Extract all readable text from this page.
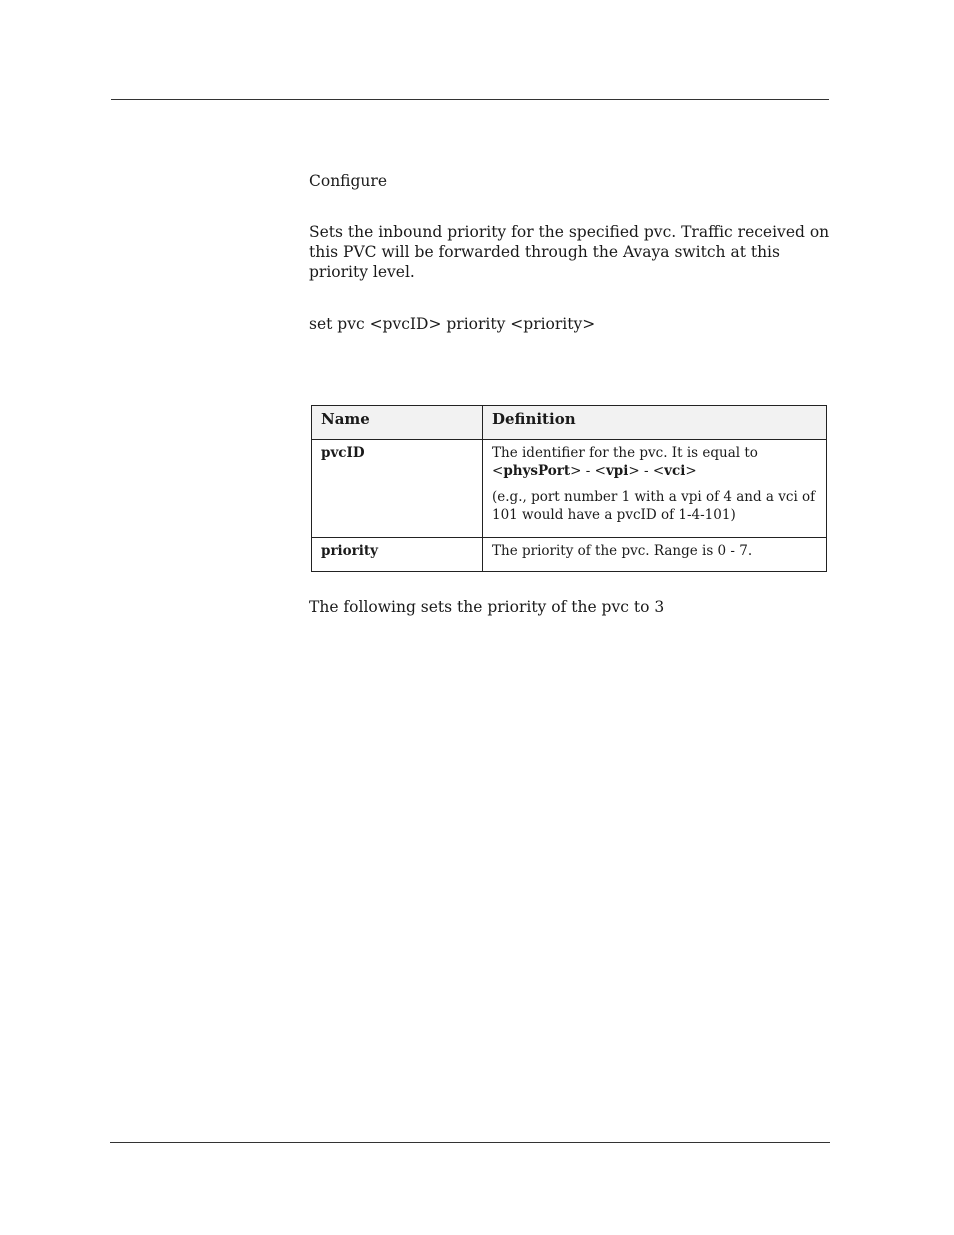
Configure
Sets the inbound priority for the specified pvc. Traffic received on this PVC will be forwarded through the Avaya switch at this priority level.
set pvc <pvcID> priority <priority>
Name	Definition
pvcID	The identifier for the pvc. It is equal to
<physPort> - <vpi> - <vci>

(e.g., port number 1 with a vpi of 4 and a vci of 101 would have a pvcID of 1-4-101)

priority	The priority of the pvc. Range is 0 - 7.
The following sets the priority of the pvc to 3
